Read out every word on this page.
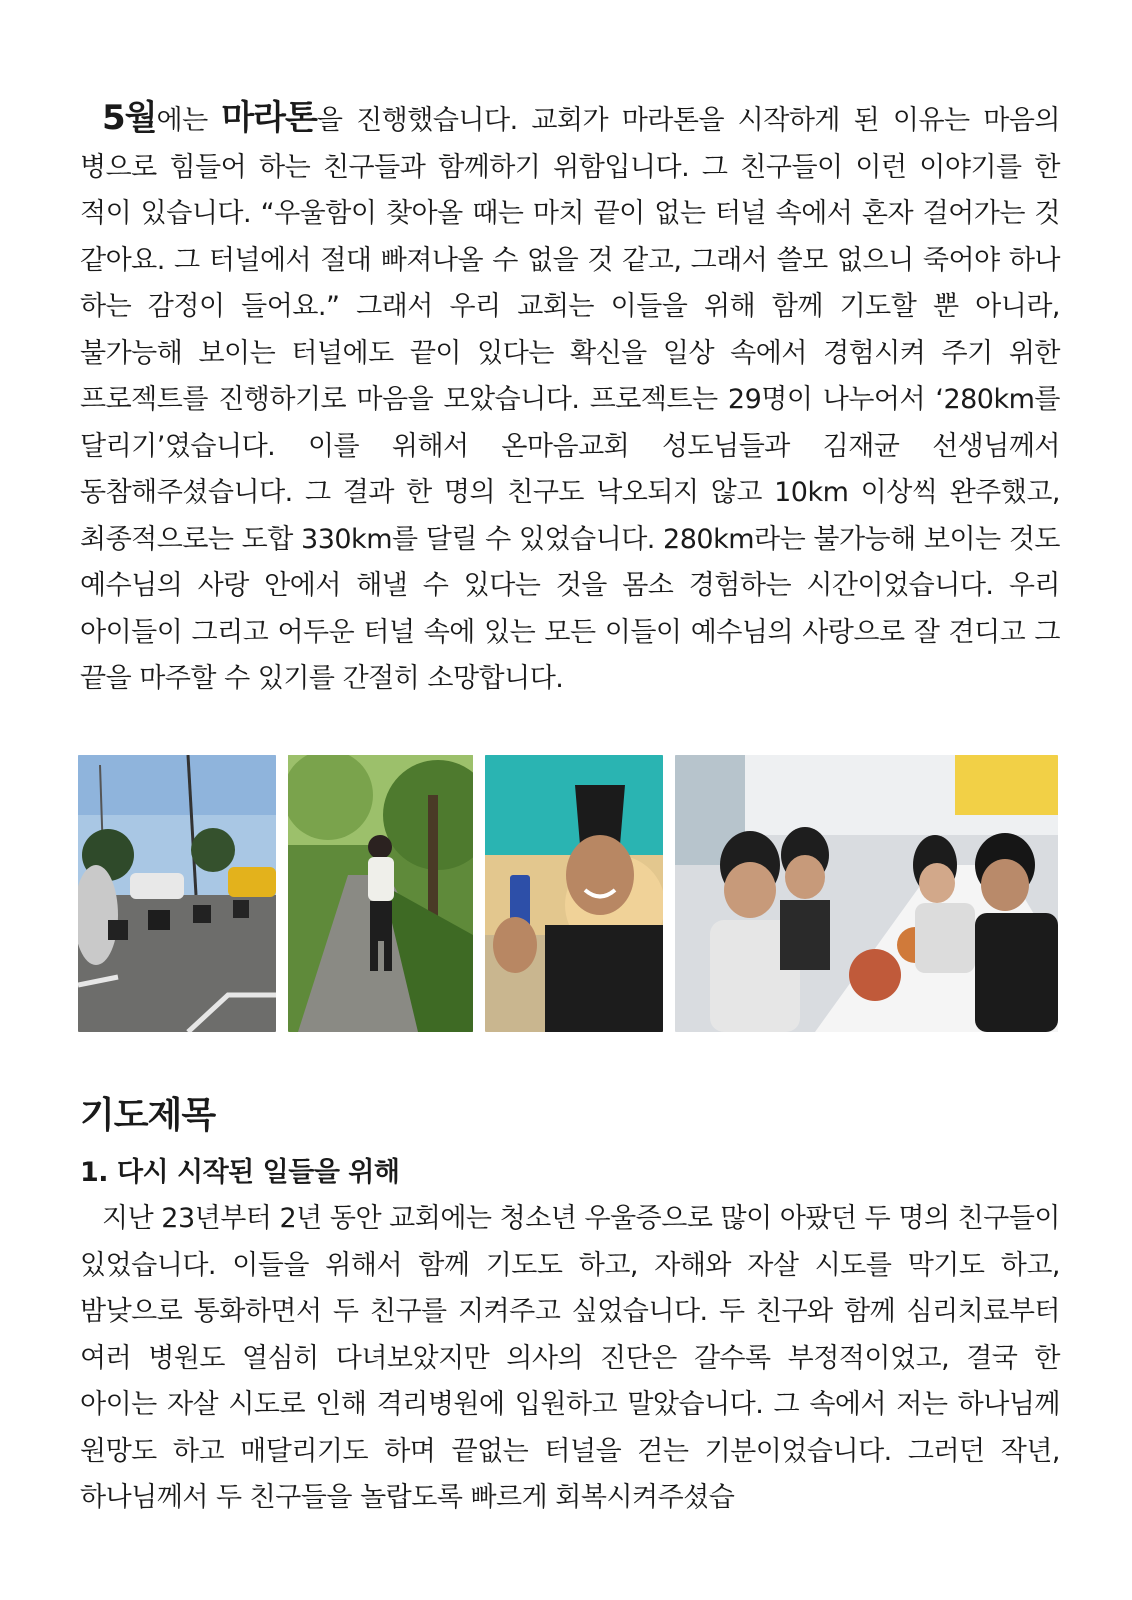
5월에는 마라톤을 진행했습니다. 교회가 마라톤을 시작하게 된 이유는 마음의 병으로 힘들어 하는 친구들과 함께하기 위함입니다. 그 친구들이 이런 이야기를 한 적이 있습니다. “우울함이 찾아올 때는 마치 끝이 없는 터널 속에서 혼자 걸어가는 것 같아요. 그 터널에서 절대 빠져나올 수 없을 것 같고, 그래서 쓸모 없으니 죽어야 하나 하는 감정이 들어요.” 그래서 우리 교회는 이들을 위해 함께 기도할 뿐 아니라, 불가능해 보이는 터널에도 끝이 있다는 확신을 일상 속에서 경험시켜 주기 위한 프로젝트를 진행하기로 마음을 모았습니다. 프로젝트는 29명이 나누어서 ‘280km를 달리기’였습니다. 이를 위해서 온마음교회 성도님들과 김재균 선생님께서 동참해주셨습니다. 그 결과 한 명의 친구도 낙오되지 않고 10km 이상씩 완주했고, 최종적으로는 도합 330km를 달릴 수 있었습니다. 280km라는 불가능해 보이는 것도 예수님의 사랑 안에서 해낼 수 있다는 것을 몸소 경험하는 시간이었습니다. 우리 아이들이 그리고 어두운 터널 속에 있는 모든 이들이 예수님의 사랑으로 잘 견디고 그 끝을 마주할 수 있기를 간절히 소망합니다.

기도제목
1. 다시 시작된 일들을 위해

지난 23년부터 2년 동안 교회에는 청소년 우울증으로 많이 아팠던 두 명의 친구들이 있었습니다. 이들을 위해서 함께 기도도 하고, 자해와 자살 시도를 막기도 하고, 밤낮으로 통화하면서 두 친구를 지켜주고 싶었습니다. 두 친구와 함께 심리치료부터 여러 병원도 열심히 다녀보았지만 의사의 진단은 갈수록 부정적이었고, 결국 한 아이는 자살 시도로 인해 격리병원에 입원하고 말았습니다. 그 속에서 저는 하나님께 원망도 하고 매달리기도 하며 끝없는 터널을 걷는 기분이었습니다. 그러던 작년, 하나님께서 두 친구들을 놀랍도록 빠르게 회복시켜주셨습
